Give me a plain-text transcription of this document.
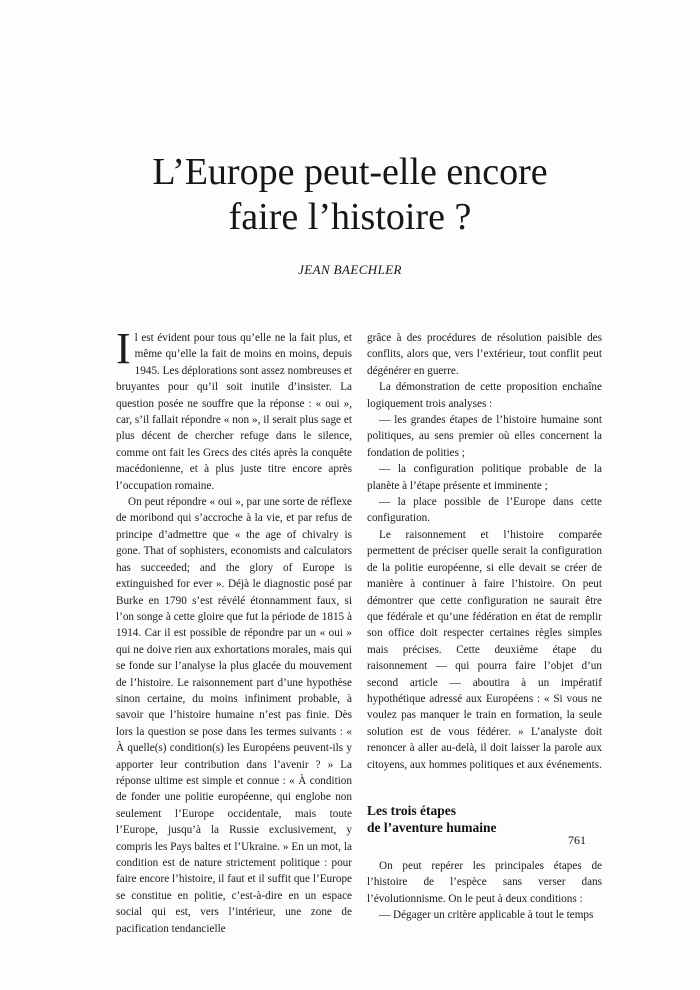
L’Europe peut-elle encore
faire l’histoire ?
JEAN BAECHLER

Il est évident pour tous qu’elle ne la fait plus, et même qu’elle la fait de moins en moins, depuis 1945. Les déplorations sont assez nombreuses et bruyantes pour qu’il soit inutile d’insister. La question posée ne souffre que la réponse : « oui », car, s’il fallait répondre « non », il serait plus sage et plus décent de chercher refuge dans le silence, comme ont fait les Grecs des cités après la conquête macédonienne, et à plus juste titre encore après l’occupation romaine.

On peut répondre « oui », par une sorte de réflexe de moribond qui s’accroche à la vie, et par refus de principe d’admettre que « the age of chivalry is gone. That of sophisters, economists and calculators has succeeded; and the glory of Europe is extinguished for ever ». Déjà le diagnostic posé par Burke en 1790 s’est révélé étonnamment faux, si l’on songe à cette gloire que fut la période de 1815 à 1914. Car il est possible de répondre par un « oui » qui ne doive rien aux exhortations morales, mais qui se fonde sur l’analyse la plus glacée du mouvement de l’histoire. Le raisonnement part d’une hypothèse sinon certaine, du moins infiniment probable, à savoir que l’histoire humaine n’est pas finie. Dès lors la question se pose dans les termes suivants : « À quelle(s) condition(s) les Européens peuvent-ils y apporter leur contribution dans l’avenir ? » La réponse ultime est simple et connue : « À condition de fonder une politie européenne, qui englobe non seulement l’Europe occidentale, mais toute l’Europe, jusqu’à la Russie exclusivement, y compris les Pays baltes et l’Ukraine. » En un mot, la condition est de nature strictement politique : pour faire encore l’histoire, il faut et il suffit que l’Europe se constitue en politie, c’est-à-dire en un espace social qui est, vers l’intérieur, une zone de pacification tendancielle

grâce à des procédures de résolution paisible des conflits, alors que, vers l’extérieur, tout conflit peut dégénérer en guerre.

La démonstration de cette proposition enchaîne logiquement trois analyses :

— les grandes étapes de l’histoire humaine sont politiques, au sens premier où elles concernent la fondation de polities ;

— la configuration politique probable de la planète à l’étape présente et imminente ;

— la place possible de l’Europe dans cette configuration.

Le raisonnement et l’histoire comparée permettent de préciser quelle serait la configuration de la politie européenne, si elle devait se créer de manière à continuer à faire l’histoire. On peut démontrer que cette configuration ne saurait être que fédérale et qu’une fédération en état de remplir son office doit respecter certaines règles simples mais précises. Cette deuxième étape du raisonnement — qui pourra faire l’objet d’un second article — aboutira à un impératif hypothétique adressé aux Européens : « Si vous ne voulez pas manquer le train en formation, la seule solution est de vous fédérer. » L’analyste doit renoncer à aller au-delà, il doit laisser la parole aux citoyens, aux hommes politiques et aux événements.

Les trois étapes
de l’aventure humaine

On peut repérer les principales étapes de l’histoire de l’espèce sans verser dans l’évolutionnisme. On le peut à deux conditions :

— Dégager un critère applicable à tout le temps

761
